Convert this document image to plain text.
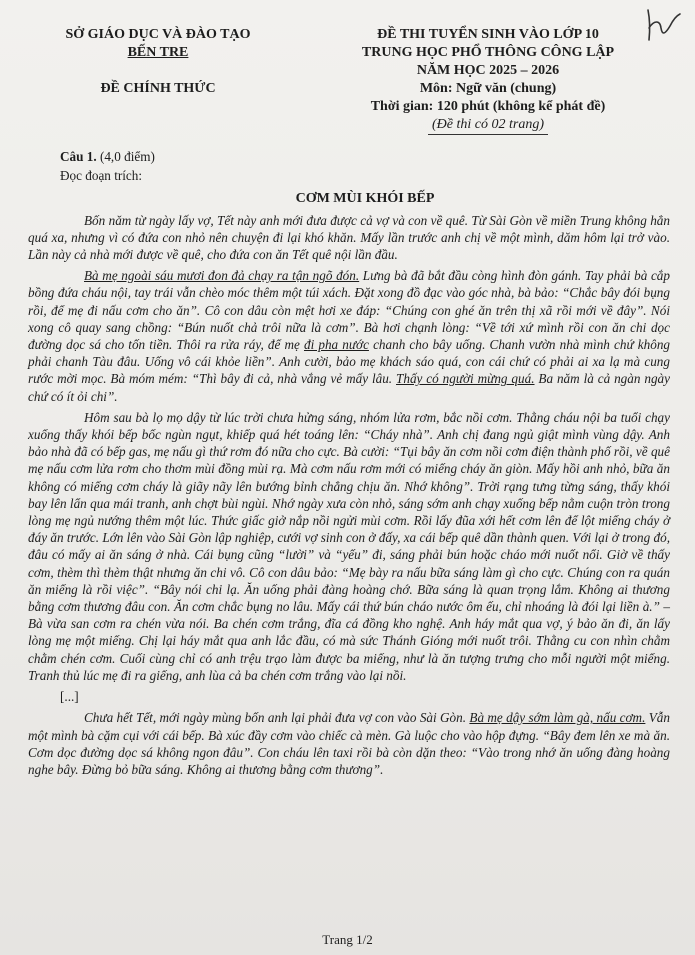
SỞ GIÁO DỤC VÀ ĐÀO TẠO
BẾN TRE
ĐỀ CHÍNH THỨC
ĐỀ THI TUYỂN SINH VÀO LỚP 10
TRUNG HỌC PHỔ THÔNG CÔNG LẬP
NĂM HỌC 2025 – 2026
Môn: Ngữ văn (chung)
Thời gian: 120 phút (không kể phát đề)
(Đề thi có 02 trang)
Câu 1. (4,0 điểm)
Đọc đoạn trích:
CƠM MÙI KHÓI BẾP

Bốn năm từ ngày lấy vợ, Tết này anh mới đưa được cả vợ và con về quê. Từ Sài Gòn về miền Trung không hẳn quá xa, nhưng vì có đứa con nhỏ nên chuyện đi lại khó khăn. Mấy lần trước anh chị về một mình, dăm hôm lại trở vào. Lần này cả nhà mới được về quê, cho đứa con ăn Tết quê nội lần đầu.

Bà mẹ ngoài sáu mươi đon đả chạy ra tận ngõ đón. Lưng bà đã bắt đầu còng hình đòn gánh. Tay phải bà cắp bồng đứa cháu nội, tay trái vẫn chèo móc thêm một túi xách. Đặt xong đồ đạc vào góc nhà, bà bảo: “Chắc bây đói bụng rồi, để mẹ đi nấu cơm cho ăn”. Cô con dâu còn mệt hơi xe đáp: “Chúng con ghé ăn trên thị xã rồi mới về đây”. Nói xong cô quay sang chồng: “Bún nuốt chả trôi nữa là cơm”. Bà hơi chạnh lòng: “Về tới xứ mình rồi con ăn chi dọc đường dọc sá cho tốn tiền. Thôi ra rửa ráy, để mẹ đi pha nước chanh cho bây uống. Chanh vườn nhà mình chứ không phải chanh Tàu đâu. Uống vô cái khỏe liền”. Anh cười, bảo mẹ khách sáo quá, con cái chứ có phải ai xa lạ mà cung rước mời mọc. Bà móm mém: “Thì bây đi cả, nhà vắng vẻ mấy lâu. Thấy có người mừng quá. Ba năm là cả ngàn ngày chứ có ít ỏi chi”.

Hôm sau bà lọ mọ dậy từ lúc trời chưa hửng sáng, nhóm lửa rơm, bắc nồi cơm. Thằng cháu nội ba tuổi chạy xuống thấy khói bếp bốc ngùn ngụt, khiếp quá hét toáng lên: “Cháy nhà”. Anh chị đang ngủ giật mình vùng dậy. Anh bảo nhà đã có bếp gas, mẹ nấu gì thứ rơm đó nữa cho cực. Bà cười: “Tụi bây ăn cơm nồi cơm điện thành phố rồi, về quê mẹ nấu cơm lửa rơm cho thơm mùi đồng mùi rạ. Mà cơm nấu rơm mới có miếng cháy ăn giòn. Mấy hồi anh nhỏ, bữa ăn không có miếng cơm cháy là giãy nãy lên bướng bỉnh chẳng chịu ăn. Nhớ không”. Trời rạng tưng từng sáng, thấy khói bay lên lẩn qua mái tranh, anh chợt bùi ngùi. Nhớ ngày xưa còn nhỏ, sáng sớm anh chạy xuống bếp nằm cuộn tròn trong lòng mẹ ngủ nướng thêm một lúc. Thức giấc giở nắp nồi ngửi mùi cơm. Rồi lấy đũa xới hết cơm lên để lột miếng cháy ở đáy ăn trước. Lớn lên vào Sài Gòn lập nghiệp, cưới vợ sinh con ở đấy, xa cái bếp quê dần thành quen. Với lại ở trong đó, đâu có mấy ai ăn sáng ở nhà. Cái bụng cũng “lười” và “yếu” đi, sáng phải bún hoặc cháo mới nuốt nổi. Giờ về thấy cơm, thèm thì thèm thật nhưng ăn chi vô. Cô con dâu bảo: “Mẹ bày ra nấu bữa sáng làm gì cho cực. Chúng con ra quán ăn miếng là rồi việc”. “Bây nói chi lạ. Ăn uống phải đàng hoàng chớ. Bữa sáng là quan trọng lắm. Không ai thương bằng cơm thương đâu con. Ăn cơm chắc bụng no lâu. Mấy cái thứ bún cháo nước ôm ếu, chỉ nhoáng là đói lại liền à.” – Bà vừa san cơm ra chén vừa nói. Ba chén cơm trắng, đĩa cá đồng kho nghệ. Anh háy mắt qua vợ, ý bảo ăn đi, ăn lấy lòng mẹ một miếng. Chị lại háy mắt qua anh lắc đầu, có mà sức Thánh Gióng mới nuốt trôi. Thằng cu con nhìn chằm chằm chén cơm. Cuối cùng chỉ có anh trệu trạo làm được ba miếng, như là ăn tượng trưng cho mỗi người một miếng. Tranh thủ lúc mẹ đi ra giếng, anh lùa cả ba chén cơm trắng vào lại nồi.

[...]

Chưa hết Tết, mới ngày mùng bốn anh lại phải đưa vợ con vào Sài Gòn. Bà mẹ dậy sớm làm gà, nấu cơm. Vẫn một mình bà cặm cụi với cái bếp. Bà xúc đầy cơm vào chiếc cà mèn. Gà luộc cho vào hộp đựng. “Bây đem lên xe mà ăn. Cơm dọc đường dọc sá không ngon đâu”. Con cháu lên taxi rồi bà còn dặn theo: “Vào trong nhớ ăn uống đàng hoàng nghe bây. Đừng bỏ bữa sáng. Không ai thương bằng cơm thương”.

Trang 1/2
